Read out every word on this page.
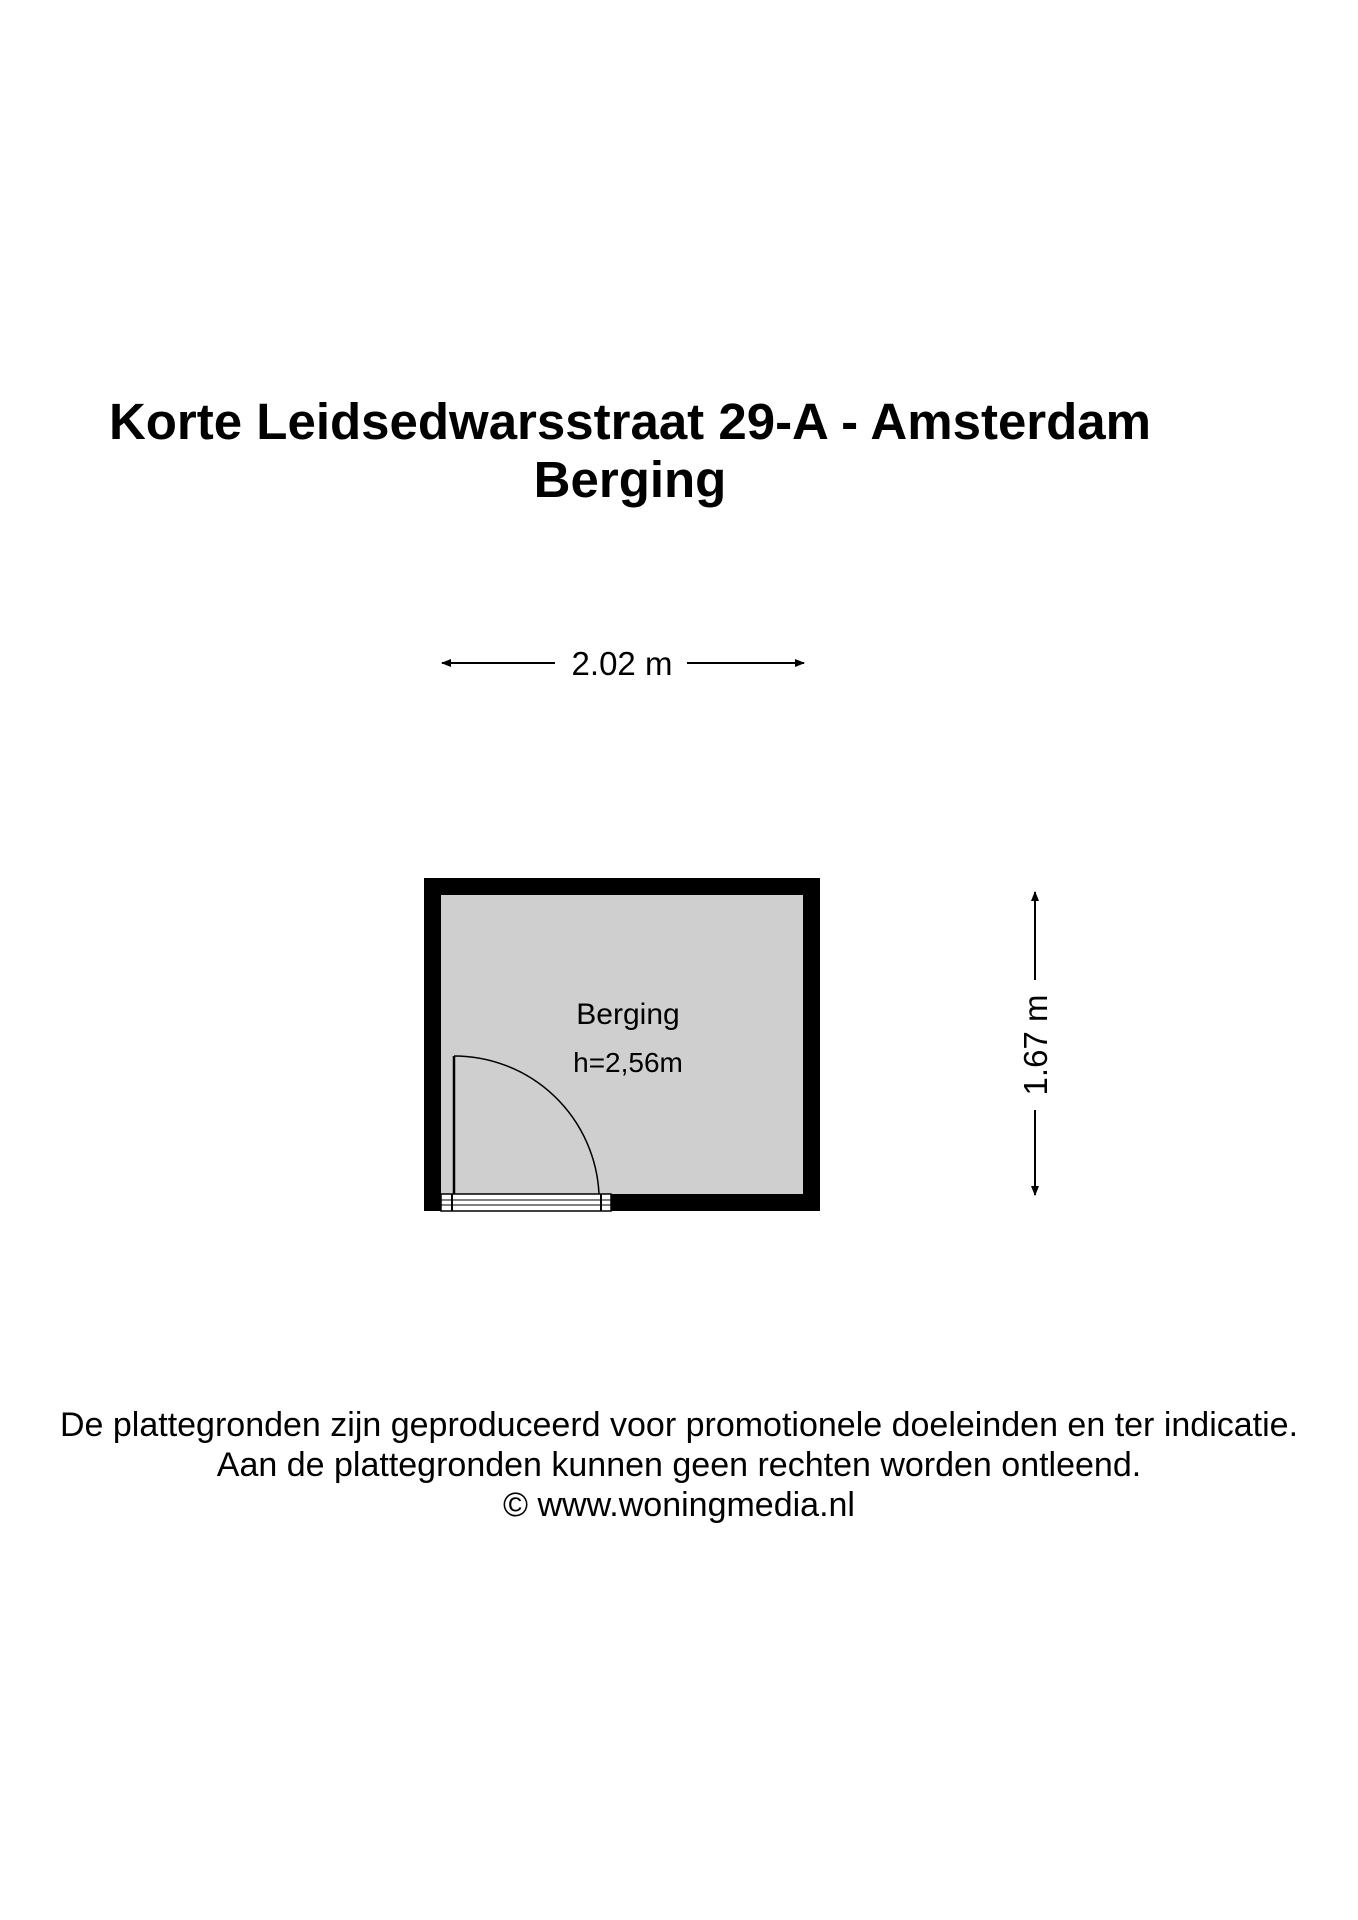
Korte Leidsedwarsstraat 29-A - Amsterdam
Berging
2.02 m
Berging
h=2,56m	1.67 m
De plattegronden zijn geproduceerd voor promotionele doeleinden en ter indicatie.
Aan de plattegronden kunnen geen rechten worden ontleend.
© www.woningmedia.nl
